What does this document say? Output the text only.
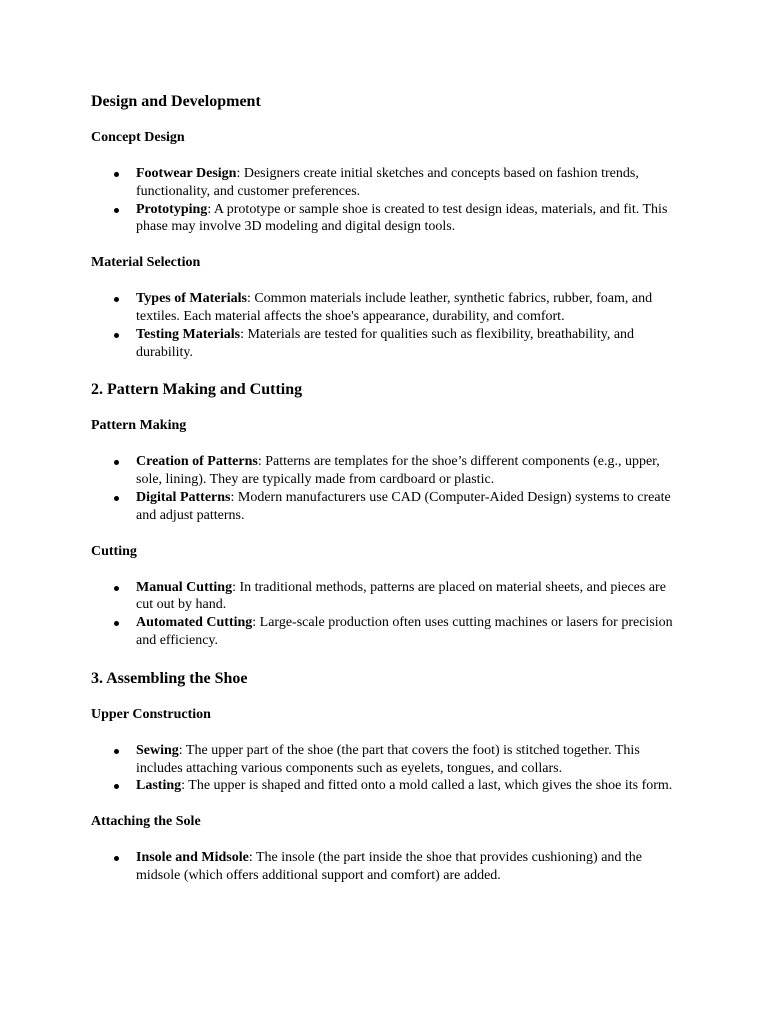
Design and Development
Concept Design
Footwear Design: Designers create initial sketches and concepts based on fashion trends, functionality, and customer preferences.
Prototyping: A prototype or sample shoe is created to test design ideas, materials, and fit. This phase may involve 3D modeling and digital design tools.
Material Selection
Types of Materials: Common materials include leather, synthetic fabrics, rubber, foam, and textiles. Each material affects the shoe's appearance, durability, and comfort.
Testing Materials: Materials are tested for qualities such as flexibility, breathability, and durability.
2. Pattern Making and Cutting
Pattern Making
Creation of Patterns: Patterns are templates for the shoe’s different components (e.g., upper, sole, lining). They are typically made from cardboard or plastic.
Digital Patterns: Modern manufacturers use CAD (Computer-Aided Design) systems to create and adjust patterns.
Cutting
Manual Cutting: In traditional methods, patterns are placed on material sheets, and pieces are cut out by hand.
Automated Cutting: Large-scale production often uses cutting machines or lasers for precision and efficiency.
3. Assembling the Shoe
Upper Construction
Sewing: The upper part of the shoe (the part that covers the foot) is stitched together. This includes attaching various components such as eyelets, tongues, and collars.
Lasting: The upper is shaped and fitted onto a mold called a last, which gives the shoe its form.
Attaching the Sole
Insole and Midsole: The insole (the part inside the shoe that provides cushioning) and the midsole (which offers additional support and comfort) are added.
